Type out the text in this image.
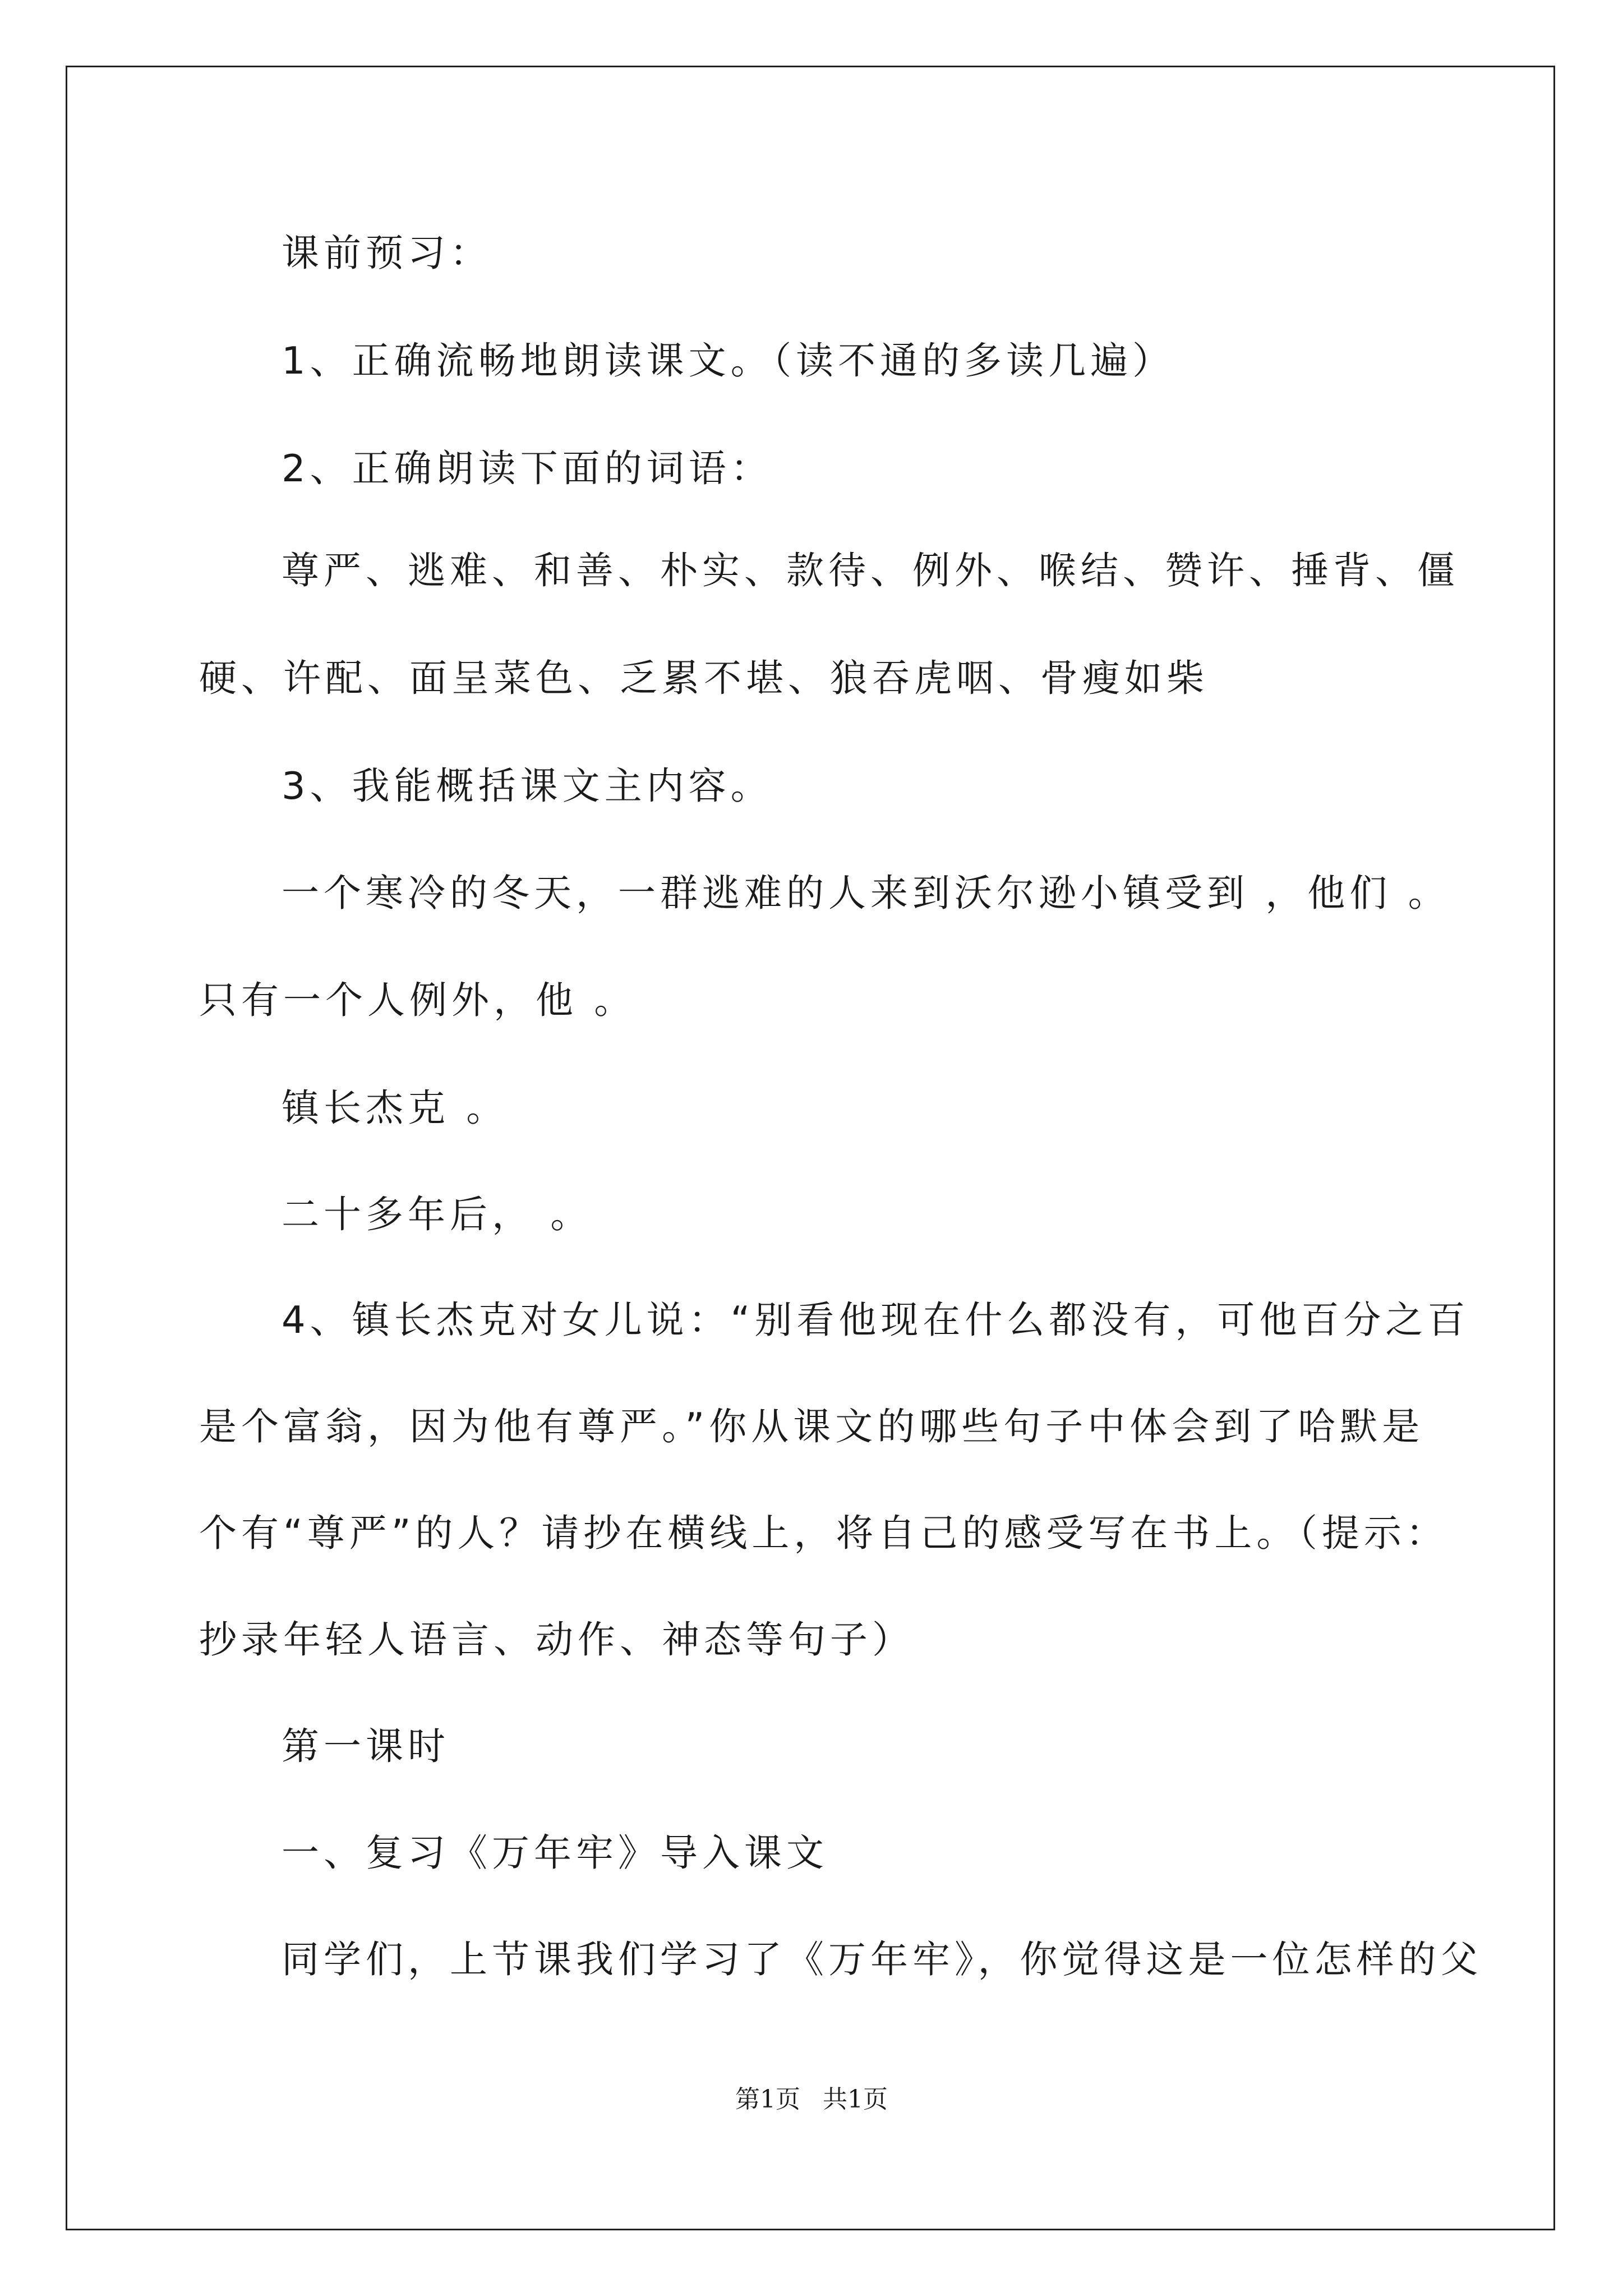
课前预习：
1、正确流畅地朗读课文。（读不通的多读几遍）
2、正确朗读下面的词语：
尊严、逃难、和善、朴实、款待、例外、喉结、赞许、捶背、僵
硬、许配、面呈菜色、乏累不堪、狼吞虎咽、骨瘦如柴
3、我能概括课文主内容。
一个寒冷的冬天，一群逃难的人来到沃尔逊小镇受到 ，他们 。
只有一个人例外，他 。
镇长杰克 。
二十多年后， 。
4、镇长杰克对女儿说：“别看他现在什么都没有，可他百分之百
是个富翁，因为他有尊严。”你从课文的哪些句子中体会到了哈默是
个有“尊严”的人？请抄在横线上，将自己的感受写在书上。（提示：
抄录年轻人语言、动作、神态等句子）
第一课时
一、复习《万年牢》导入课文
同学们，上节课我们学习了《万年牢》，你觉得这是一位怎样的父
第1页 共1页
